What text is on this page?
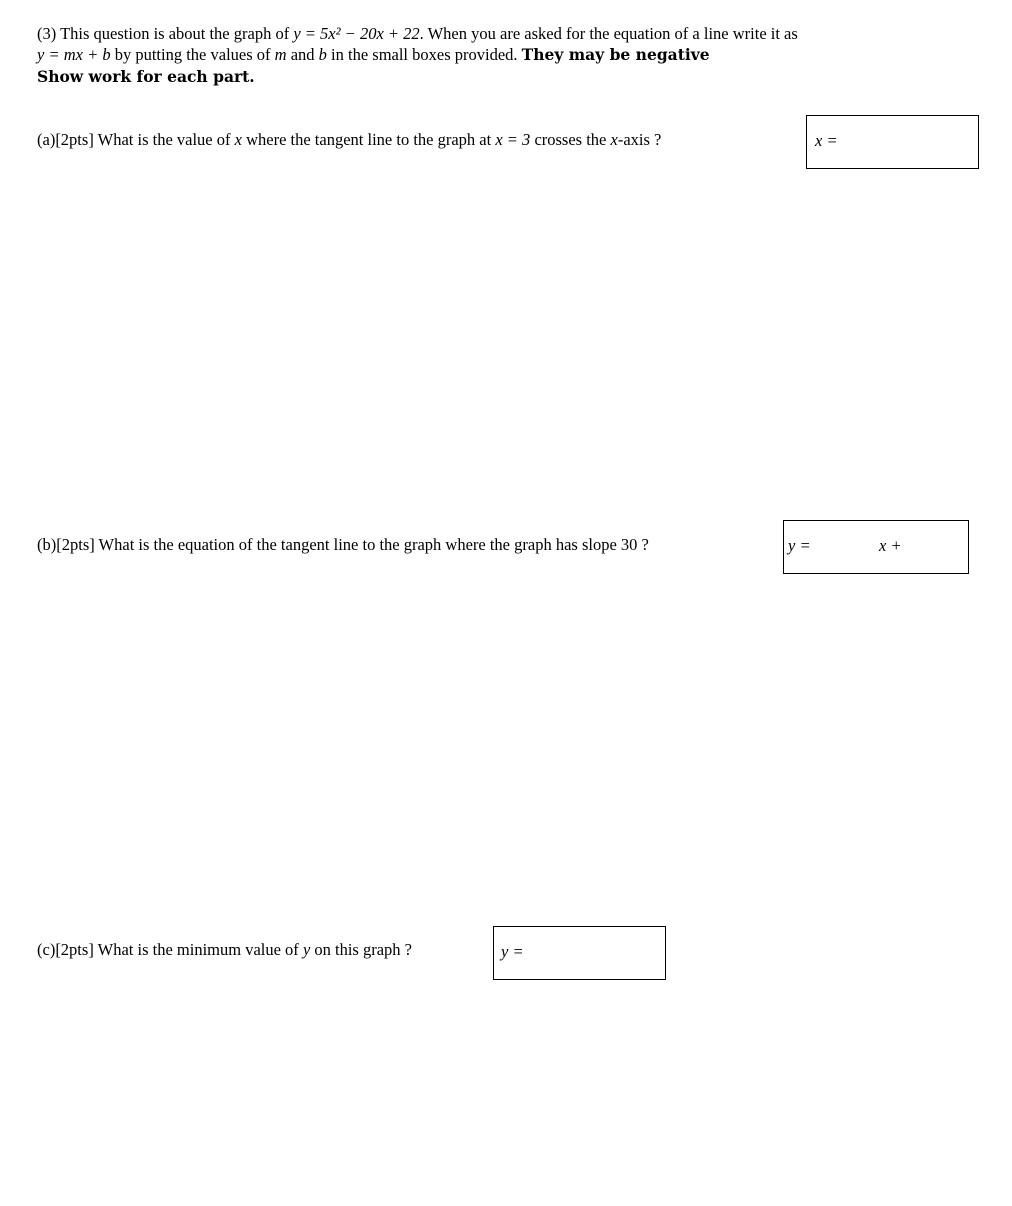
(3) This question is about the graph of y = 5x² − 20x + 22. When you are asked for the equation of a line write it as
y = mx + b by putting the values of m and b in the small boxes provided. They may be negative
Show work for each part.
(a)[2pts] What is the value of x where the tangent line to the graph at x = 3 crosses the x-axis ?	x =
(b)[2pts] What is the equation of the tangent line to the graph where the graph has slope 30 ?	y =	x +
(c)[2pts] What is the minimum value of y on this graph ?	y =
